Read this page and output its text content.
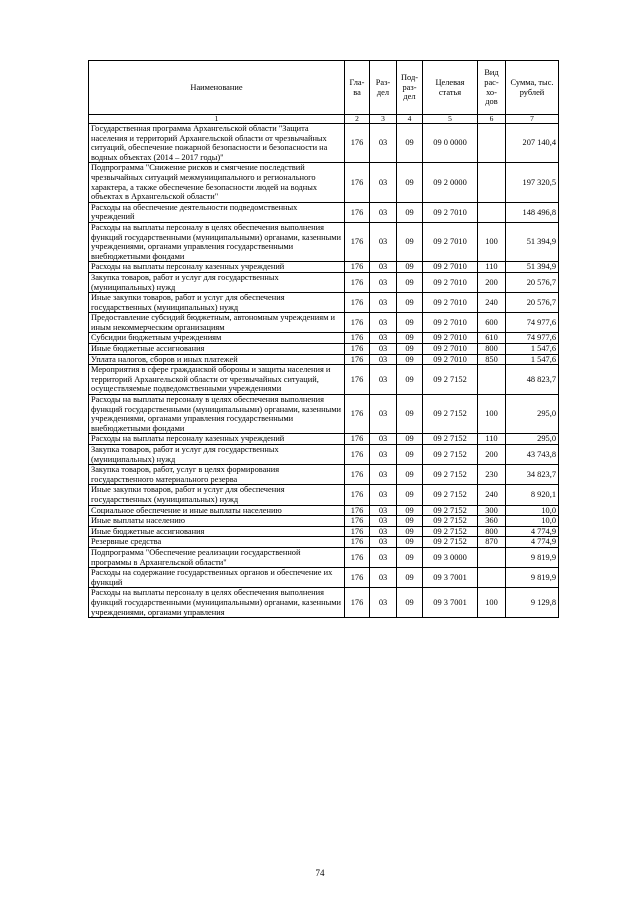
Наименование	Гла-ва	Раз-дел	Под-раз-дел	Целевая статья	Вид рас-хо-дов	Сумма, тыс. рублей
1	2	3	4	5	6	7
Государственная программа Архангельской области "Защита населения и территорий Архангельской области от чрезвычайных ситуаций, обеспечение пожарной безопасности и безопасности на водных объектах (2014 – 2017 годы)"	176	03	09	09 0 0000		207 140,4
Подпрограмма "Снижение рисков и смягчение последствий чрезвычайных ситуаций межмуниципального и регионального характера, а также обеспечение безопасности людей на водных объектах в Архангельской области"	176	03	09	09 2 0000		197 320,5
Расходы на обеспечение деятельности подведомственных учреждений	176	03	09	09 2 7010		148 496,8
Расходы на выплаты персоналу в целях обеспечения выполнения функций государственными (муниципальными) органами, казенными учреждениями, органами управления государственными внебюджетными фондами	176	03	09	09 2 7010	100	51 394,9
Расходы на выплаты персоналу казенных учреждений	176	03	09	09 2 7010	110	51 394,9
Закупка товаров, работ и услуг для государственных (муниципальных) нужд	176	03	09	09 2 7010	200	20 576,7
Иные закупки товаров, работ и услуг для обеспечения государственных (муниципальных) нужд	176	03	09	09 2 7010	240	20 576,7
Предоставление субсидий бюджетным, автономным учреждениям и иным некоммерческим организациям	176	03	09	09 2 7010	600	74 977,6
Субсидии бюджетным учреждениям	176	03	09	09 2 7010	610	74 977,6
Иные бюджетные ассигнования	176	03	09	09 2 7010	800	1 547,6
Уплата налогов, сборов и иных платежей	176	03	09	09 2 7010	850	1 547,6
Мероприятия в сфере гражданской обороны и защиты населения и территорий Архангельской области от чрезвычайных ситуаций, осуществляемые подведомственными учреждениями	176	03	09	09 2 7152		48 823,7
Расходы на выплаты персоналу в целях обеспечения выполнения функций государственными (муниципальными) органами, казенными учреждениями, органами управления государственными внебюджетными фондами	176	03	09	09 2 7152	100	295,0
Расходы на выплаты персоналу казенных учреждений	176	03	09	09 2 7152	110	295,0
Закупка товаров, работ и услуг для государственных (муниципальных) нужд	176	03	09	09 2 7152	200	43 743,8
Закупка товаров, работ, услуг в целях формирования государственного материального резерва	176	03	09	09 2 7152	230	34 823,7
Иные закупки товаров, работ и услуг для обеспечения государственных (муниципальных) нужд	176	03	09	09 2 7152	240	8 920,1
Социальное обеспечение и иные выплаты населению	176	03	09	09 2 7152	300	10,0
Иные выплаты населению	176	03	09	09 2 7152	360	10,0
Иные бюджетные ассигнования	176	03	09	09 2 7152	800	4 774,9
Резервные средства	176	03	09	09 2 7152	870	4 774,9
Подпрограмма "Обеспечение реализации государственной программы в Архангельской области"	176	03	09	09 3 0000		9 819,9
Расходы на содержание государственных органов и обеспечение их функций	176	03	09	09 3 7001		9 819,9
Расходы на выплаты персоналу в целях обеспечения выполнения функций государственными (муниципальными) органами, казенными учреждениями, органами управления	176	03	09	09 3 7001	100	9 129,8
74
